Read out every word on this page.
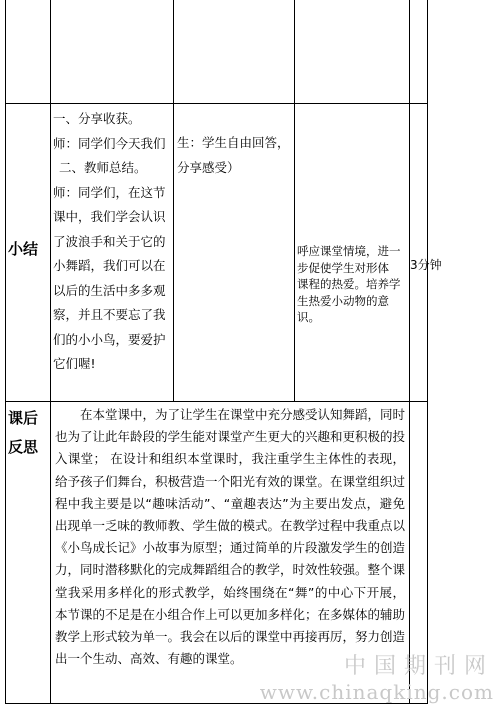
小结
一、分享收获。
师：同学们今天我们
二、教师总结。
师：同学们，在这节
课中，我们学会认识
了波浪手和关于它的
小舞蹈，我们可以在
以后的生活中多多观
察，并且不要忘了我
们的小小鸟，要爱护
它们喔!
生：学生自由回答，
分享感受）
呼应课堂情境，进一
步促使学生对形体
课程的热爱。培养学
生热爱小动物的意
识。
3分钟
课后
反思

在本堂课中，为了让学生在课堂中充分感受认知舞蹈，同时也为了让此年龄段的学生能对课堂产生更大的兴趣和更积极的投入课堂； 在设计和组织本堂课时，我注重学生主体性的表现，给予孩子们舞台，积极营造一个阳光有效的课堂。在课堂组织过程中我主要是以“趣味活动”、“童趣表达”为主要出发点，避免出现单一乏味的教师教、学生做的模式。在教学过程中我重点以《小鸟成长记》小故事为原型；通过简单的片段激发学生的创造力，同时潜移默化的完成舞蹈组合的教学，时效性较强。整个课堂我采用多样化的形式教学，始终围绕在“舞”的中心下开展，本节课的不足是在小组合作上可以更加多样化；在多媒体的辅助教学上形式较为单一。我会在以后的课堂中再接再厉，努力创造出一个生动、高效、有趣的课堂。	中国期刊网
www.chinaqking.com
